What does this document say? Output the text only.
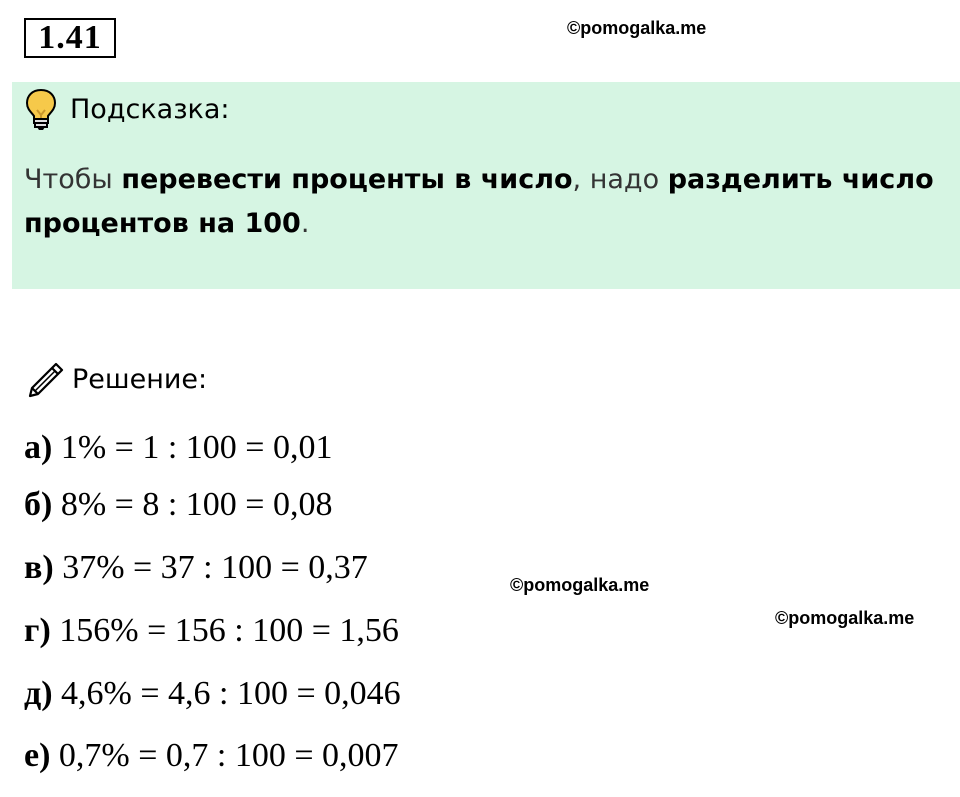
1.41	©pomogalka.me
Подсказка:
Чтобы перевести проценты в число, надо разделить число процентов на 100.
Решение:
а) 1% = 1 : 100 = 0,01
б) 8% = 8 : 100 = 0,08
в) 37% = 37 : 100 = 0,37
г) 156% = 156 : 100 = 1,56
д) 4,6% = 4,6 : 100 = 0,046
е) 0,7% = 0,7 : 100 = 0,007
©pomogalka.me
©pomogalka.me
